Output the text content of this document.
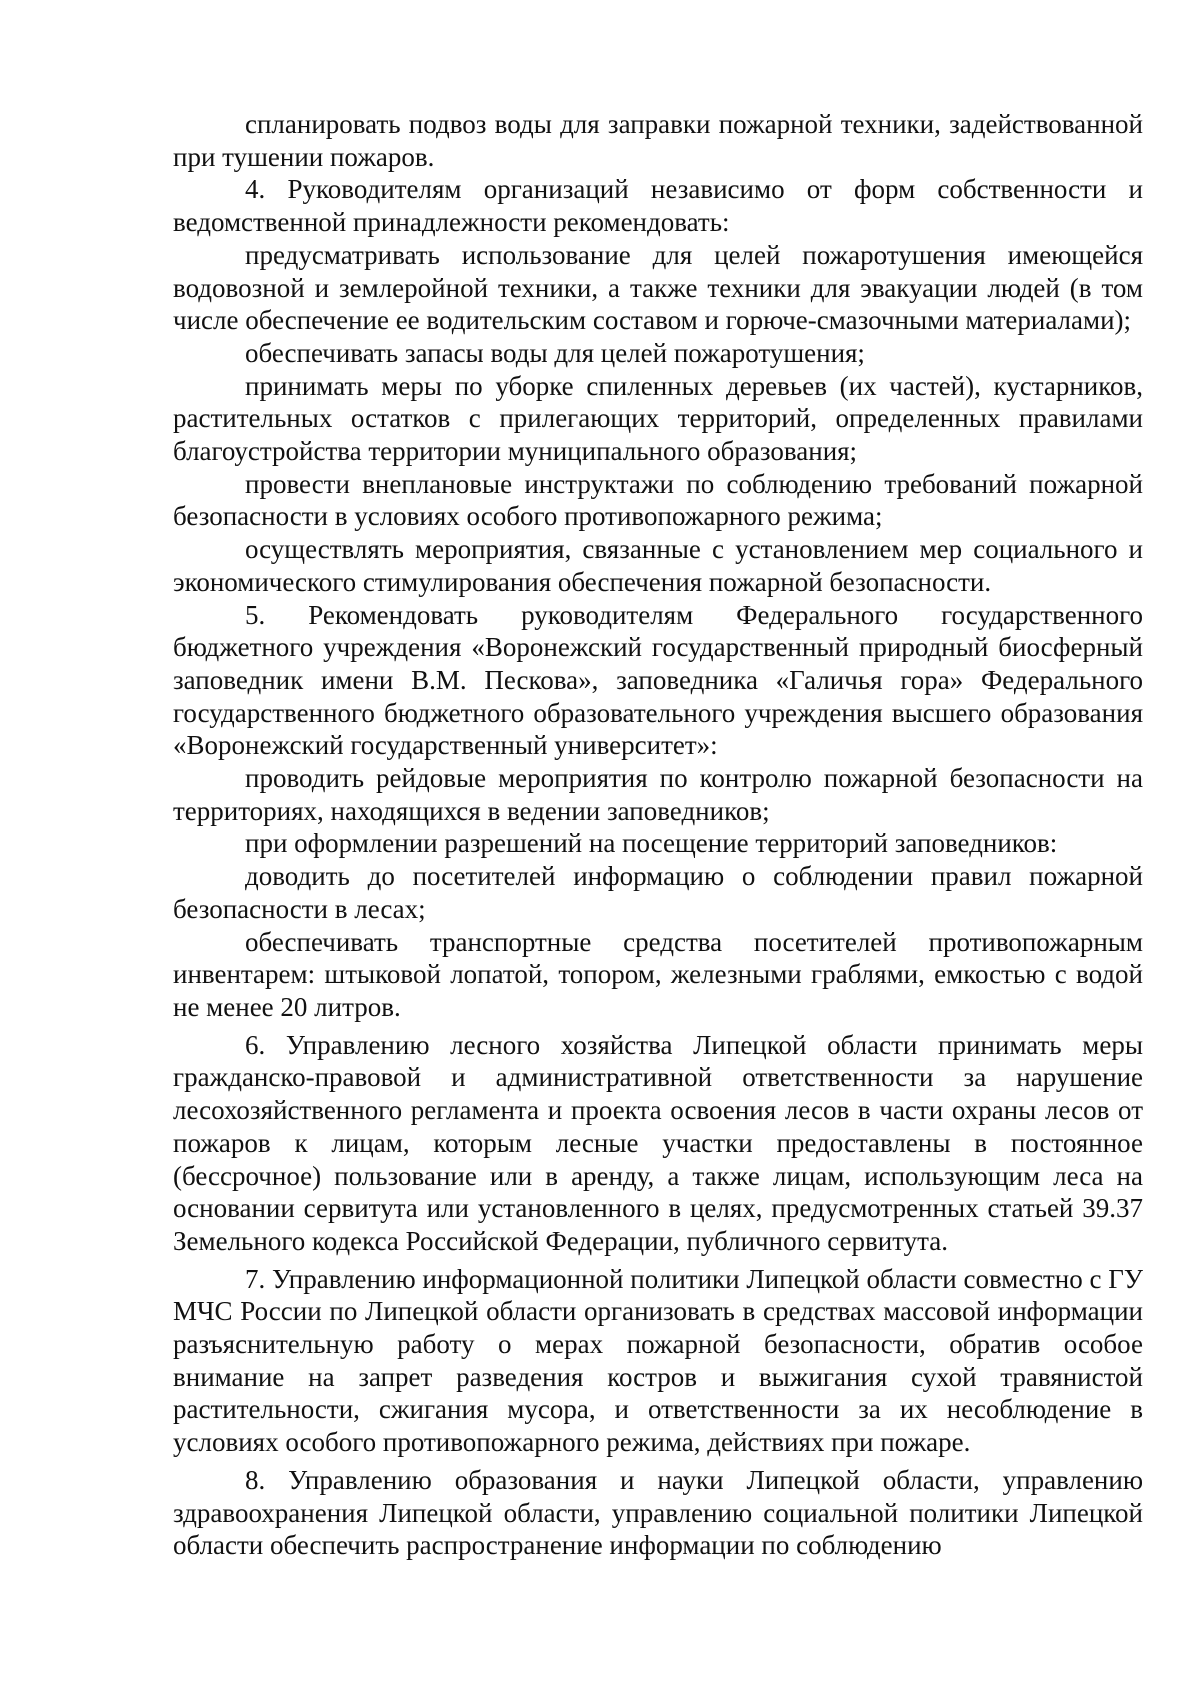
спланировать подвоз воды для заправки пожарной техники, задействованной при тушении пожаров.

4. Руководителям организаций независимо от форм собственности и ведомственной принадлежности рекомендовать:

предусматривать использование для целей пожаротушения имеющейся водовозной и землеройной техники, а также техники для эвакуации людей (в том числе обеспечение ее водительским составом и горюче-смазочными материалами);

обеспечивать запасы воды для целей пожаротушения;

принимать меры по уборке спиленных деревьев (их частей), кустарников, растительных остатков с прилегающих территорий, определенных правилами благоустройства территории муниципального образования;

провести внеплановые инструктажи по соблюдению требований пожарной безопасности в условиях особого противопожарного режима;

осуществлять мероприятия, связанные с установлением мер социального и экономического стимулирования обеспечения пожарной безопасности.

5. Рекомендовать руководителям Федерального государственного бюджетного учреждения «Воронежский государственный природный биосферный заповедник имени В.М. Пескова», заповедника «Галичья гора» Федерального государственного бюджетного образовательного учреждения высшего образования «Воронежский государственный университет»:

проводить рейдовые мероприятия по контролю пожарной безопасности на территориях, находящихся в ведении заповедников;

при оформлении разрешений на посещение территорий заповедников:

доводить до посетителей информацию о соблюдении правил пожарной безопасности в лесах;

обеспечивать транспортные средства посетителей противопожарным инвентарем: штыковой лопатой, топором, железными граблями, емкостью с водой не менее 20 литров.

6. Управлению лесного хозяйства Липецкой области принимать меры гражданско-правовой и административной ответственности за нарушение лесохозяйственного регламента и проекта освоения лесов в части охраны лесов от пожаров к лицам, которым лесные участки предоставлены в постоянное (бессрочное) пользование или в аренду, а также лицам, использующим леса на основании сервитута или установленного в целях, предусмотренных статьей 39.37 Земельного кодекса Российской Федерации, публичного сервитута.

7. Управлению информационной политики Липецкой области совместно с ГУ МЧС России по Липецкой области организовать в средствах массовой информации разъяснительную работу о мерах пожарной безопасности, обратив особое внимание на запрет разведения костров и выжигания сухой травянистой растительности, сжигания мусора, и ответственности за их несоблюдение в условиях особого противопожарного режима, действиях при пожаре.

8. Управлению образования и науки Липецкой области, управлению здравоохранения Липецкой области, управлению социальной политики Липецкой области обеспечить распространение информации по соблюдению
